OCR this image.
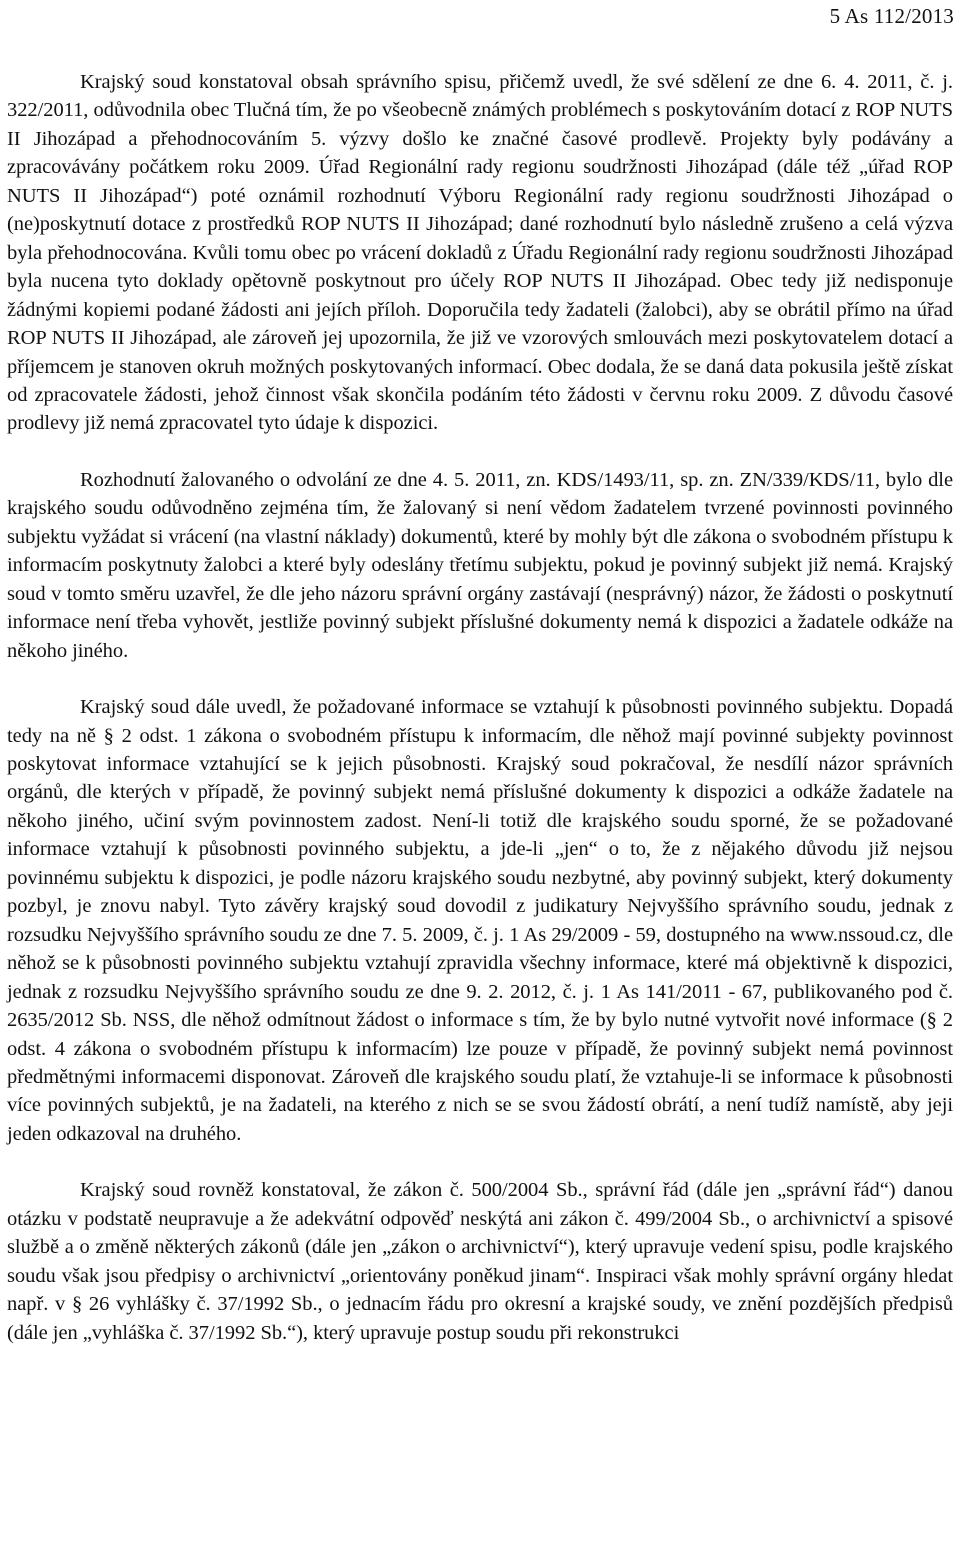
5 As 112/2013

Krajský soud konstatoval obsah správního spisu, přičemž uvedl, že své sdělení ze dne 6. 4. 2011, č. j. 322/2011, odůvodnila obec Tlučná tím, že po všeobecně známých problémech s poskytováním dotací z ROP NUTS II Jihozápad a přehodnocováním 5. výzvy došlo ke značné časové prodlevě. Projekty byly podávány a zpracovávány počátkem roku 2009. Úřad Regionální rady regionu soudržnosti Jihozápad (dále též „úřad ROP NUTS II Jihozápad“) poté oznámil rozhodnutí Výboru Regionální rady regionu soudržnosti Jihozápad o (ne)poskytnutí dotace z prostředků ROP NUTS II Jihozápad; dané rozhodnutí bylo následně zrušeno a celá výzva byla přehodnocována. Kvůli tomu obec po vrácení dokladů z Úřadu Regionální rady regionu soudržnosti Jihozápad byla nucena tyto doklady opětovně poskytnout pro účely ROP NUTS II Jihozápad. Obec tedy již nedisponuje žádnými kopiemi podané žádosti ani jejích příloh. Doporučila tedy žadateli (žalobci), aby se obrátil přímo na úřad ROP NUTS II Jihozápad, ale zároveň jej upozornila, že již ve vzorových smlouvách mezi poskytovatelem dotací a příjemcem je stanoven okruh možných poskytovaných informací. Obec dodala, že se daná data pokusila ještě získat od zpracovatele žádosti, jehož činnost však skončila podáním této žádosti v červnu roku 2009. Z důvodu časové prodlevy již nemá zpracovatel tyto údaje k dispozici.

Rozhodnutí žalovaného o odvolání ze dne 4. 5. 2011, zn. KDS/1493/11, sp. zn. ZN/339/KDS/11, bylo dle krajského soudu odůvodněno zejména tím, že žalovaný si není vědom žadatelem tvrzené povinnosti povinného subjektu vyžádat si vrácení (na vlastní náklady) dokumentů, které by mohly být dle zákona o svobodném přístupu k informacím poskytnuty žalobci a které byly odeslány třetímu subjektu, pokud je povinný subjekt již nemá. Krajský soud v tomto směru uzavřel, že dle jeho názoru správní orgány zastávají (nesprávný) názor, že žádosti o poskytnutí informace není třeba vyhovět, jestliže povinný subjekt příslušné dokumenty nemá k dispozici a žadatele odkáže na někoho jiného.

Krajský soud dále uvedl, že požadované informace se vztahují k působnosti povinného subjektu. Dopadá tedy na ně § 2 odst. 1 zákona o svobodném přístupu k informacím, dle něhož mají povinné subjekty povinnost poskytovat informace vztahující se k jejich působnosti. Krajský soud pokračoval, že nesdílí názor správních orgánů, dle kterých v případě, že povinný subjekt nemá příslušné dokumenty k dispozici a odkáže žadatele na někoho jiného, učiní svým povinnostem zadost. Není-li totiž dle krajského soudu sporné, že se požadované informace vztahují k působnosti povinného subjektu, a jde-li „jen“ o to, že z nějakého důvodu již nejsou povinnému subjektu k dispozici, je podle názoru krajského soudu nezbytné, aby povinný subjekt, který dokumenty pozbyl, je znovu nabyl. Tyto závěry krajský soud dovodil z judikatury Nejvyššího správního soudu, jednak z rozsudku Nejvyššího správního soudu ze dne 7. 5. 2009, č. j. 1 As 29/2009 - 59, dostupného na www.nssoud.cz, dle něhož se k působnosti povinného subjektu vztahují zpravidla všechny informace, které má objektivně k dispozici, jednak z rozsudku Nejvyššího správního soudu ze dne 9. 2. 2012, č. j. 1 As 141/2011 - 67, publikovaného pod č. 2635/2012 Sb. NSS, dle něhož odmítnout žádost o informace s tím, že by bylo nutné vytvořit nové informace (§ 2 odst. 4 zákona o svobodném přístupu k informacím) lze pouze v případě, že povinný subjekt nemá povinnost předmětnými informacemi disponovat. Zároveň dle krajského soudu platí, že vztahuje-li se informace k působnosti více povinných subjektů, je na žadateli, na kterého z nich se se svou žádostí obrátí, a není tudíž namístě, aby jeji jeden odkazoval na druhého.

Krajský soud rovněž konstatoval, že zákon č. 500/2004 Sb., správní řád (dále jen „správní řád“) danou otázku v podstatě neupravuje a že adekvátní odpověď neskýtá ani zákon č. 499/2004 Sb., o archivnictví a spisové službě a o změně některých zákonů (dále jen „zákon o archivnictví“), který upravuje vedení spisu, podle krajského soudu však jsou předpisy o archivnictví „orientovány poněkud jinam“. Inspiraci však mohly správní orgány hledat např. v § 26 vyhlášky č. 37/1992 Sb., o jednacím řádu pro okresní a krajské soudy, ve znění pozdějších předpisů (dále jen „vyhláška č. 37/1992 Sb.“), který upravuje postup soudu při rekonstrukci
